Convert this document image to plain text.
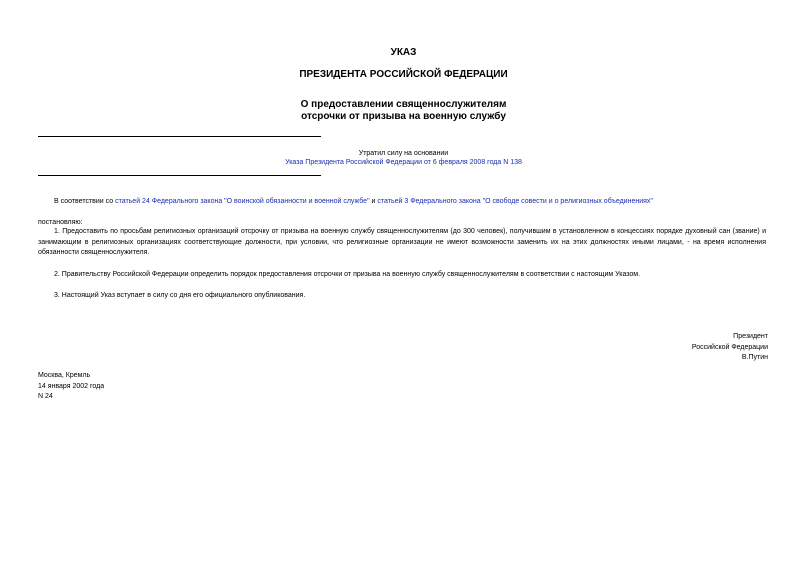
УКАЗ
ПРЕЗИДЕНТА РОССИЙСКОЙ ФЕДЕРАЦИИ
О предоставлении священнослужителям
отсрочки от призыва на военную службу
Утратил силу на основании
Указа Президента Российской Федерации от 6 февраля 2008 года N 138
В соответствии со статьей 24 Федерального закона "О воинской обязанности и военной службе" и статьей 3 Федерального закона "О свободе совести и о религиозных объединениях"
постановляю:
1. Предоставить по просьбам религиозных организаций отсрочку от призыва на военную службу священнослужителям (до 300 человек), получившим в установленном в концессиях порядке духовный сан (звание) и занимающим в религиозных организациях соответствующие должности, при условии, что религиозные организации не имеют возможности заменить их на этих должностях иными лицами, - на время исполнения обязанности священнослужителя.
2. Правительству Российской Федерации определить порядок предоставления отсрочки от призыва на военную службу священнослужителям в соответствии с настоящим Указом.
3. Настоящий Указ вступает в силу со дня его официального опубликования.
Президент
Российской Федерации
В.Путин
Москва, Кремль
14 января 2002 года
N 24
